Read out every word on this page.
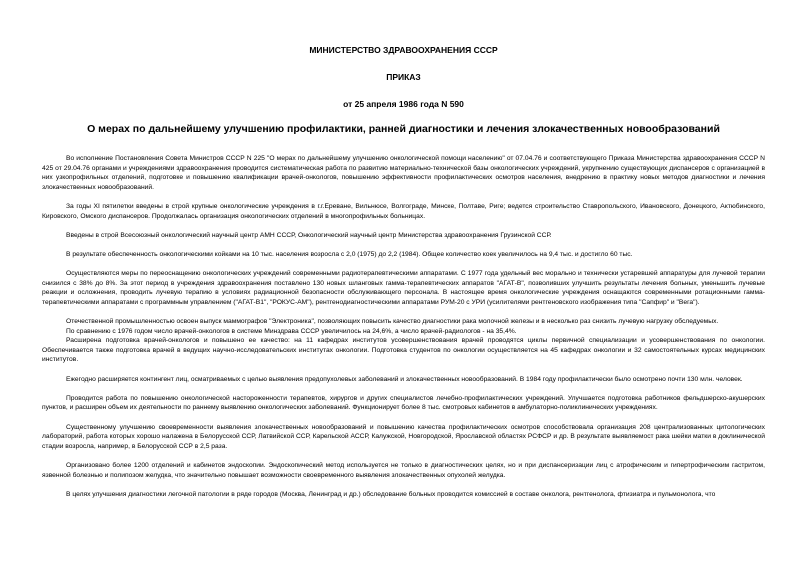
МИНИСТЕРСТВО ЗДРАВООХРАНЕНИЯ СССР
ПРИКАЗ
от 25 апреля 1986 года N 590
О мерах по дальнейшему улучшению профилактики, ранней диагностики и лечения злокачественных новообразований

Во исполнение Постановления Совета Министров СССР N 225 "О мерах по дальнейшему улучшению онкологической помощи населению" от 07.04.76 и соответствующего Приказа Министерства здравоохранения СССР N 425 от 29.04.76 органами и учреждениями здравоохранения проводится систематическая работа по развитию материально-технической базы онкологических учреждений, укрупнению существующих диспансеров с организацией в них узкопрофильных отделений, подготовке и повышению квалификации врачей-онкологов, повышению эффективности профилактических осмотров населения, внедрению в практику новых методов диагностики и лечения злокачественных новообразований.

За годы XI пятилетки введены в строй крупные онкологические учреждения в г.г.Ереване, Вильнюсе, Волгограде, Минске, Полтаве, Риге; ведется строительство Ставропольского, Ивановского, Донецкого, Актюбинского, Кировского, Омского диспансеров. Продолжалась организация онкологических отделений в многопрофильных больницах.

Введены в строй Всесоюзный онкологический научный центр АМН СССР, Онкологический научный центр Министерства здравоохранения Грузинской ССР.

В результате обеспеченность онкологическими койками на 10 тыс. населения возросла с 2,0 (1975) до 2,2 (1984). Общее количество коек увеличилось на 9,4 тыс. и достигло 60 тыс.

Осуществляются меры по переоснащению онкологических учреждений современными радиотерапевтическими аппаратами. С 1977 года удельный вес морально и технически устаревшей аппаратуры для лучевой терапии снизился с 38% до 8%. За этот период в учреждения здравоохранения поставлено 130 новых шланговых гамма-терапевтических аппаратов "АГАТ-В", позволивших улучшить результаты лечения больных, уменьшить лучевые реакции и осложнения, проводить лучевую терапию в условиях радиационной безопасности обслуживающего персонала. В настоящее время онкологические учреждения оснащаются современными ротационными гамма-терапевтическими аппаратами с программным управлением ("АГАТ-В1", "РОКУС-АМ"), рентгенодиагностическими аппаратами РУМ-20 с УРИ (усилителями рентгеновского изображения типа "Сапфир" и "Вега").

Отечественной промышленностью освоен выпуск маммографов "Электроника", позволяющих повысить качество диагностики рака молочной железы и в несколько раз снизить лучевую нагрузку обследуемых.

По сравнению с 1976 годом число врачей-онкологов в системе Минздрава СССР увеличилось на 24,6%, а число врачей-радиологов - на 35,4%.

Расширена подготовка врачей-онкологов и повышено ее качество: на 11 кафедрах институтов усовершенствования врачей проводятся циклы первичной специализации и усовершенствования по онкологии. Обеспечивается также подготовка врачей в ведущих научно-исследовательских институтах онкологии. Подготовка студентов по онкологии осуществляется на 45 кафедрах онкологии и 32 самостоятельных курсах медицинских институтов.

Ежегодно расширяется контингент лиц, осматриваемых с целью выявления предопухолевых заболеваний и злокачественных новообразований. В 1984 году профилактически было осмотрено почти 130 млн. человек.

Проводится работа по повышению онкологической настороженности терапевтов, хирургов и других специалистов лечебно-профилактических учреждений. Улучшается подготовка работников фельдшерско-акушерских пунктов, и расширен объем их деятельности по раннему выявлению онкологических заболеваний. Функционирует более 8 тыс. смотровых кабинетов в амбулаторно-поликлинических учреждениях.

Существенному улучшению своевременности выявления злокачественных новообразований и повышению качества профилактических осмотров способствовала организация 208 централизованных цитологических лабораторий, работа которых хорошо налажена в Белорусской ССР, Латвийской ССР, Карельской АССР, Калужской, Новгородской, Ярославской областях РСФСР и др. В результате выявляемост рака шейки матки в доклинической стадии возросла, например, в Белорусской ССР в 2,5 раза.

Организовано более 1200 отделений и кабинетов эндоскопии. Эндоскопический метод используется не только в диагностических целях, но и при диспансеризации лиц с атрофическим и гипертрофическим гастритом, язвенной болезнью и полипозом желудка, что значительно повышает возможности своевременного выявления злокачественных опухолей желудка.

В целях улучшения диагностики легочной патологии в ряде городов (Москва, Ленинград и др.) обследование больных проводится комиссией в составе онколога, рентгенолога, фтизиатра и пульмонолога, что
